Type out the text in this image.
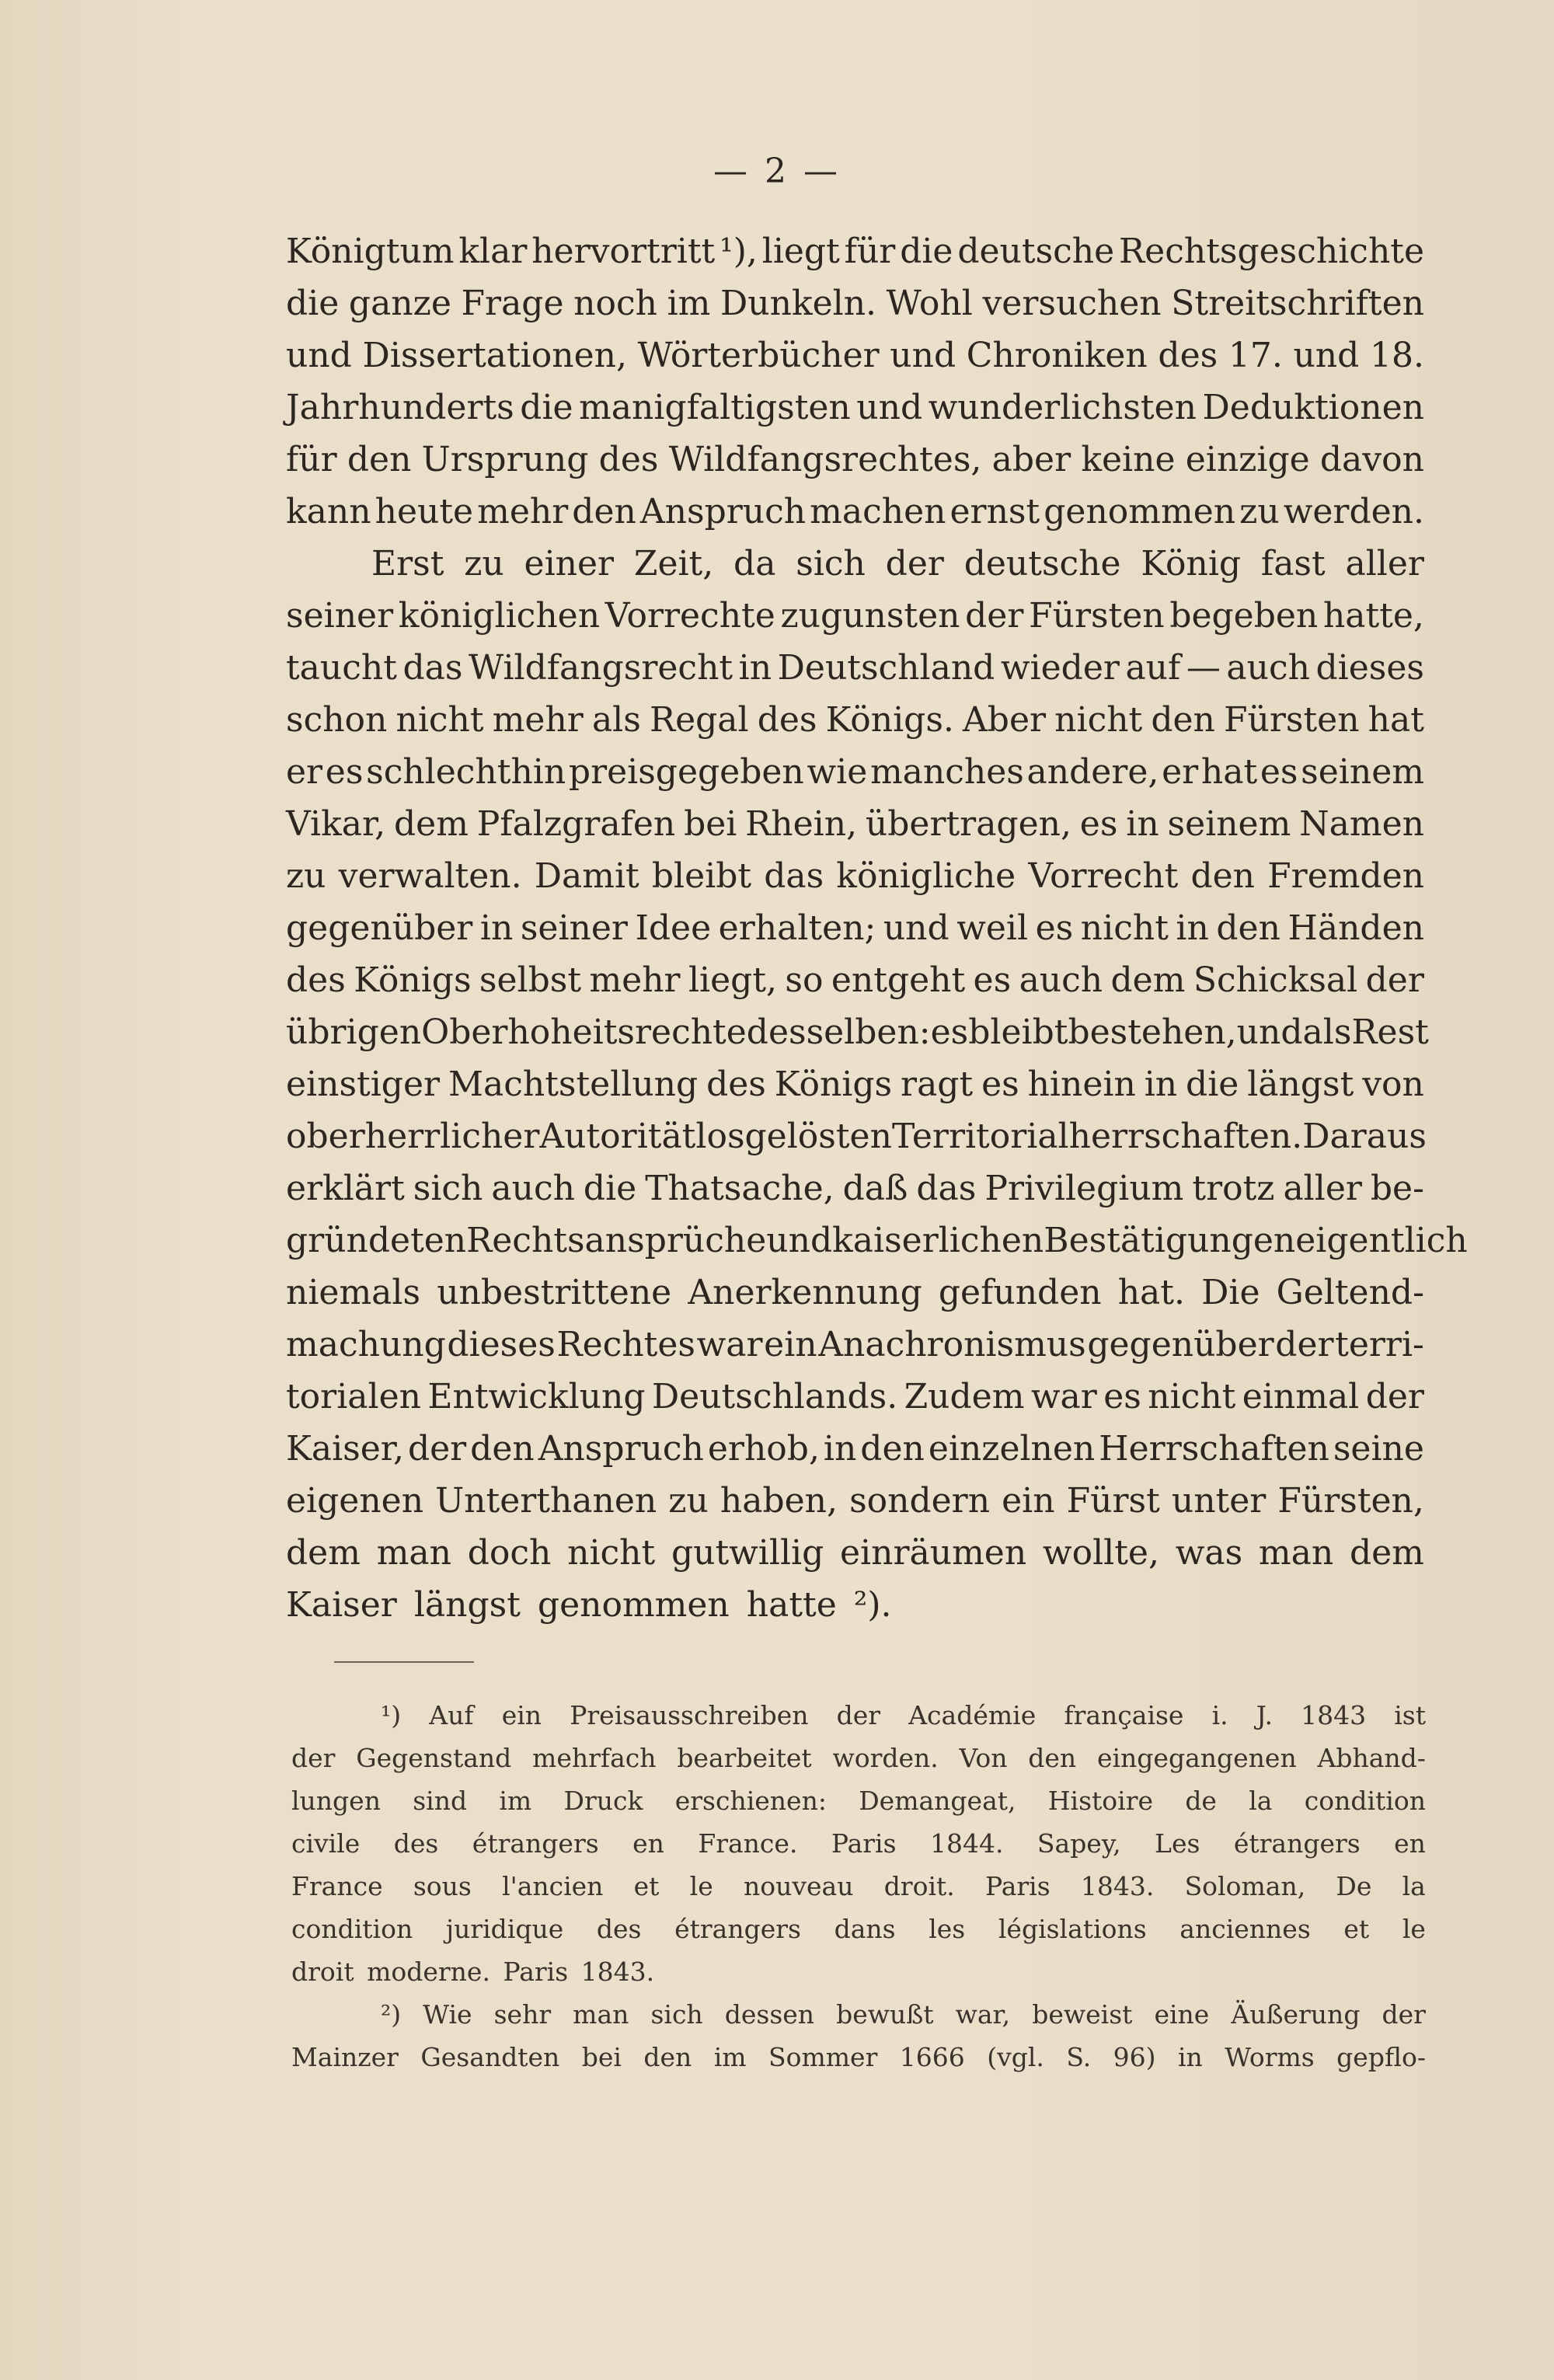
— 2 —
Königtum klar hervortritt ¹), liegt für die deutsche Rechtsgeschichte
die ganze Frage noch im Dunkeln. Wohl versuchen Streitschriften
und Dissertationen, Wörterbücher und Chroniken des 17. und 18.
Jahrhunderts die manigfaltigsten und wunderlichsten Deduktionen
für den Ursprung des Wildfangsrechtes, aber keine einzige davon
kann heute mehr den Anspruch machen ernst genommen zu werden.
Erst zu einer Zeit, da sich der deutsche König fast aller
seiner königlichen Vorrechte zugunsten der Fürsten begeben hatte,
taucht das Wildfangsrecht in Deutschland wieder auf — auch dieses
schon nicht mehr als Regal des Königs. Aber nicht den Fürsten hat
er es schlechthin preisgegeben wie manches andere, er hat es seinem
Vikar, dem Pfalzgrafen bei Rhein, übertragen, es in seinem Namen
zu verwalten. Damit bleibt das königliche Vorrecht den Fremden
gegenüber in seiner Idee erhalten; und weil es nicht in den Händen
des Königs selbst mehr liegt, so entgeht es auch dem Schicksal der
übrigen Oberhoheitsrechte desselben: es bleibt bestehen, und als Rest
einstiger Machtstellung des Königs ragt es hinein in die längst von
oberherrlicher Autorität losgelösten Territorialherrschaften. Daraus
erklärt sich auch die Thatsache, daß das Privilegium trotz aller be-
gründeten Rechtsansprüche und kaiserlichen Bestätigungen eigentlich
niemals unbestrittene Anerkennung gefunden hat. Die Geltend-
machung dieses Rechtes war ein Anachronismus gegenüber der terri-
torialen Entwicklung Deutschlands. Zudem war es nicht einmal der
Kaiser, der den Anspruch erhob, in den einzelnen Herrschaften seine
eigenen Unterthanen zu haben, sondern ein Fürst unter Fürsten,
dem man doch nicht gutwillig einräumen wollte, was man dem
Kaiser längst genommen hatte ²).
¹) Auf ein Preisausschreiben der Académie française i. J. 1843 ist
der Gegenstand mehrfach bearbeitet worden. Von den eingegangenen Abhand-
lungen sind im Druck erschienen: Demangeat, Histoire de la condition
civile des étrangers en France. Paris 1844. Sapey, Les étrangers en
France sous l'ancien et le nouveau droit. Paris 1843. Soloman, De la
condition juridique des étrangers dans les législations anciennes et le
droit moderne. Paris 1843.
²) Wie sehr man sich dessen bewußt war, beweist eine Äußerung der
Mainzer Gesandten bei den im Sommer 1666 (vgl. S. 96) in Worms gepflo-
